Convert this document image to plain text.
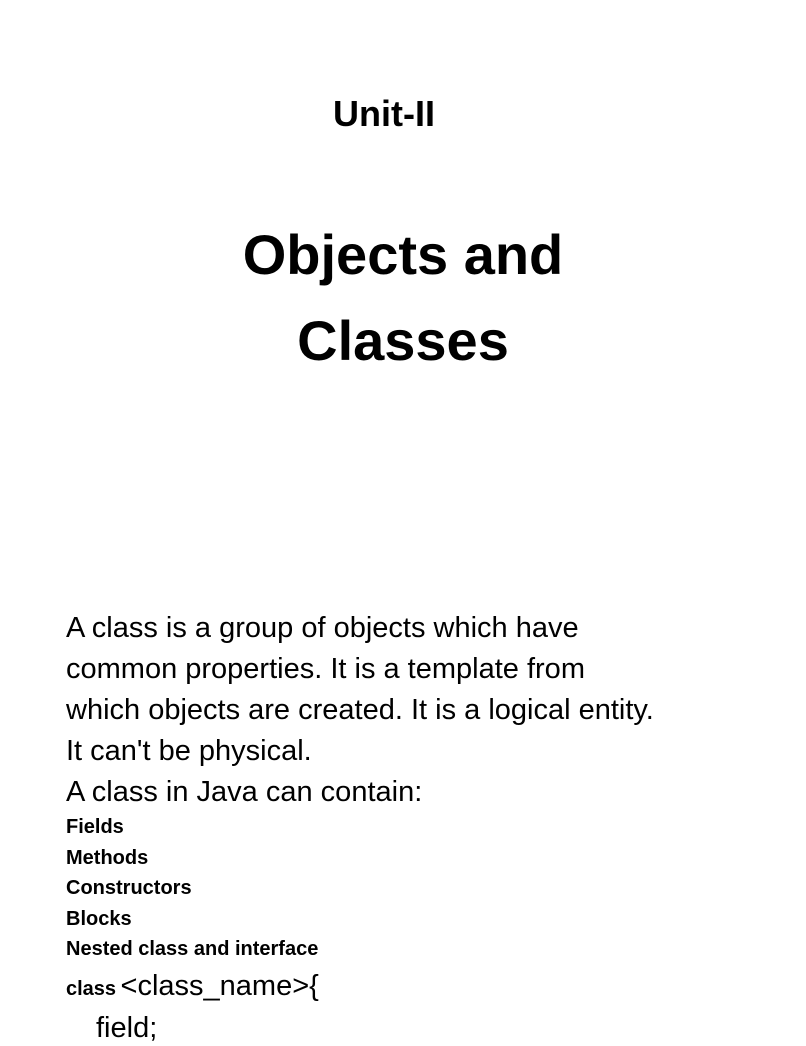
Unit-II
Objects and
Classes

A class is a group of objects which have
common properties. It is a template from
which objects are created. It is a logical entity.
It can't be physical.

A class in Java can contain:

Fields
Methods
Constructors
Blocks
Nested class and interface

class <class_name>{

field;
